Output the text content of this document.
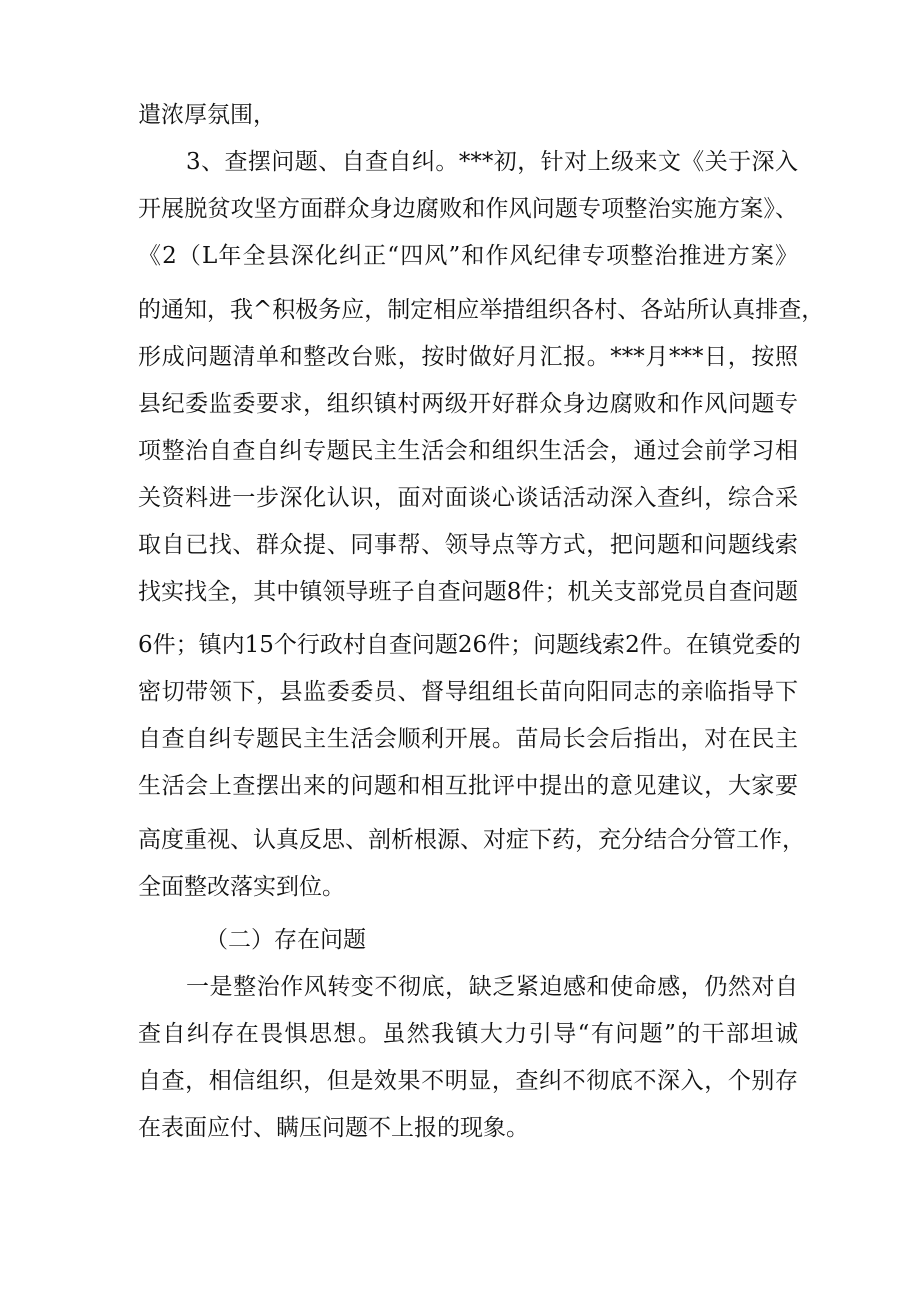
遣浓厚氛围，
3、查摆问题、自查自纠。***初，针对上级来文《关于深入
开展脱贫攻坚方面群众身边腐败和作风问题专项整治实施方案》、
《2（L年全县深化纠正“四风”和作风纪律专项整治推进方案》
的通知，我^积极务应，制定相应举措组织各村、各站所认真排查，
形成问题清单和整改台账，按时做好月汇报。***月***日，按照
县纪委监委要求，组织镇村两级开好群众身边腐败和作风问题专
项整治自查自纠专题民主生活会和组织生活会，通过会前学习相
关资料进一步深化认识，面对面谈心谈话活动深入查纠，综合采
取自已找、群众提、同事帮、领导点等方式，把问题和问题线索
找实找全，其中镇领导班子自查问题8件；机关支部党员自查问题
6件；镇内15个行政村自查问题26件；问题线索2件。在镇党委的
密切带领下，县监委委员、督导组组长苗向阳同志的亲临指导下
自查自纠专题民主生活会顺利开展。苗局长会后指出，对在民主
生活会上查摆出来的问题和相互批评中提出的意见建议，大家要
高度重视、认真反思、剖析根源、对症下药，充分结合分管工作，
全面整改落实到位。
（二）存在问题
一是整治作风转变不彻底，缺乏紧迫感和使命感，仍然对自
查自纠存在畏惧思想。虽然我镇大力引导“有问题”的干部坦诚
自查，相信组织，但是效果不明显，查纠不彻底不深入，个别存
在表面应付、瞒压问题不上报的现象。
